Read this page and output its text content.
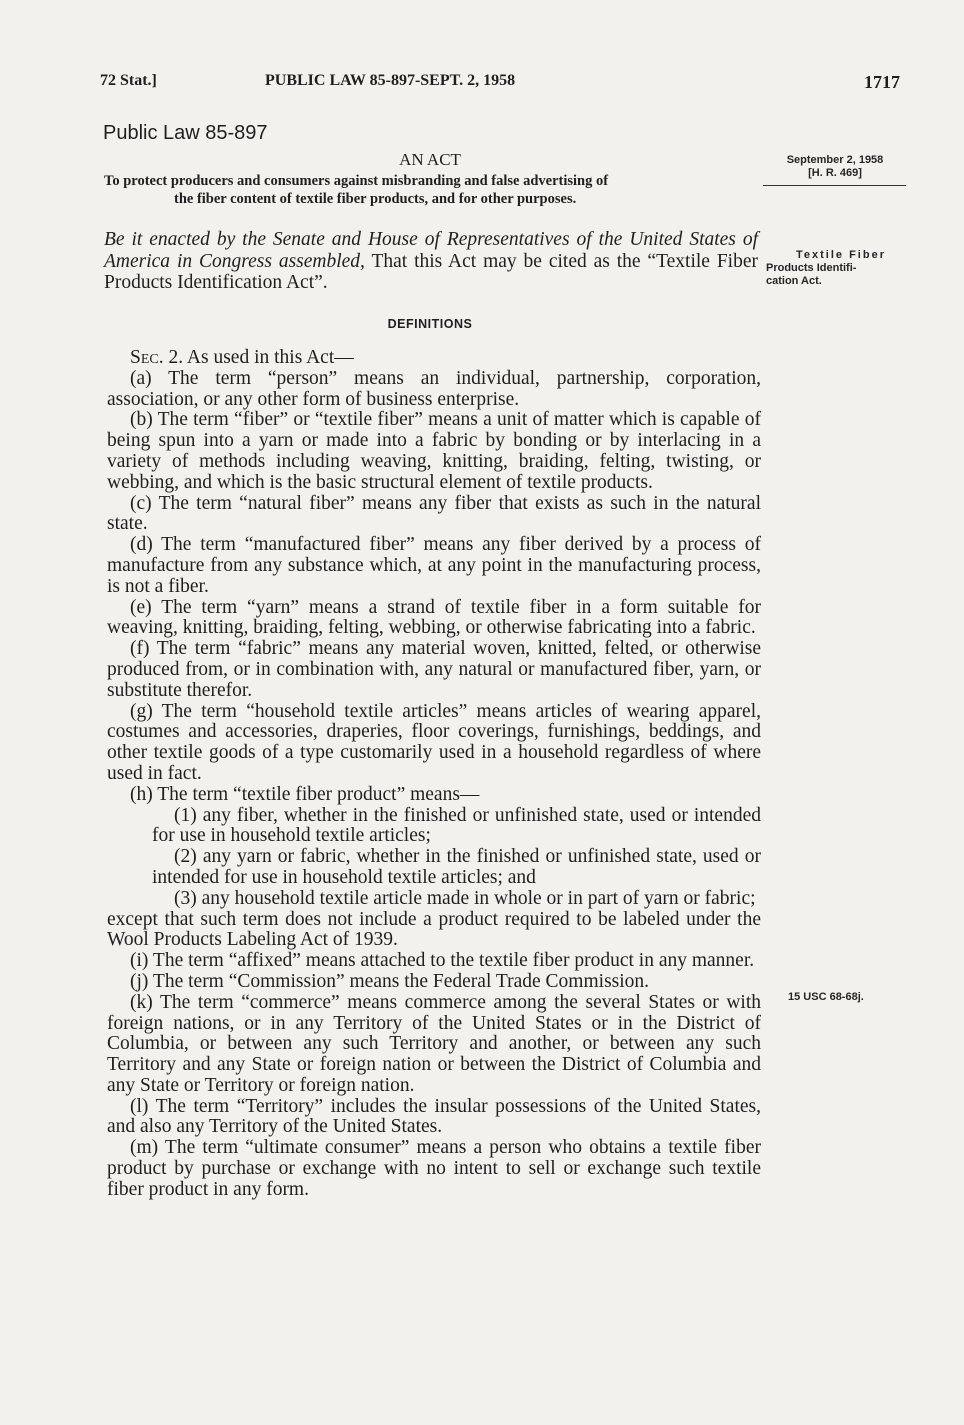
72 Stat.]	PUBLIC LAW 85-897-SEPT. 2, 1958	1717
Public Law 85-897
AN ACT
To protect producers and consumers against misbranding and false advertising of
the fiber content of textile fiber products, and for other purposes.
September 2, 1958
[H. R. 469]
Textile Fiber
Products Identifi-
cation Act.
15 USC 68-68j.
Be it enacted by the Senate and House of Representatives of the United States of America in Congress assembled, That this Act may be cited as the “Textile Fiber Products Identification Act”.
DEFINITIONS

Sec. 2. As used in this Act—

(a) The term “person” means an individual, partnership, corporation, association, or any other form of business enterprise.

(b) The term “fiber” or “textile fiber” means a unit of matter which is capable of being spun into a yarn or made into a fabric by bonding or by interlacing in a variety of methods including weaving, knitting, braiding, felting, twisting, or webbing, and which is the basic structural element of textile products.

(c) The term “natural fiber” means any fiber that exists as such in the natural state.

(d) The term “manufactured fiber” means any fiber derived by a process of manufacture from any substance which, at any point in the manufacturing process, is not a fiber.

(e) The term “yarn” means a strand of textile fiber in a form suitable for weaving, knitting, braiding, felting, webbing, or otherwise fabricating into a fabric.

(f) The term “fabric” means any material woven, knitted, felted, or otherwise produced from, or in combination with, any natural or manufactured fiber, yarn, or substitute therefor.

(g) The term “household textile articles” means articles of wearing apparel, costumes and accessories, draperies, floor coverings, furnishings, beddings, and other textile goods of a type customarily used in a household regardless of where used in fact.

(h) The term “textile fiber product” means—

(1) any fiber, whether in the finished or unfinished state, used or intended for use in household textile articles;

(2) any yarn or fabric, whether in the finished or unfinished state, used or intended for use in household textile articles; and

(3) any household textile article made in whole or in part of yarn or fabric;

except that such term does not include a product required to be labeled under the Wool Products Labeling Act of 1939.

(i) The term “affixed” means attached to the textile fiber product in any manner.

(j) The term “Commission” means the Federal Trade Commission.

(k) The term “commerce” means commerce among the several States or with foreign nations, or in any Territory of the United States or in the District of Columbia, or between any such Territory and another, or between any such Territory and any State or foreign nation or between the District of Columbia and any State or Territory or foreign nation.

(l) The term “Territory” includes the insular possessions of the United States, and also any Territory of the United States.

(m) The term “ultimate consumer” means a person who obtains a textile fiber product by purchase or exchange with no intent to sell or exchange such textile fiber product in any form.
